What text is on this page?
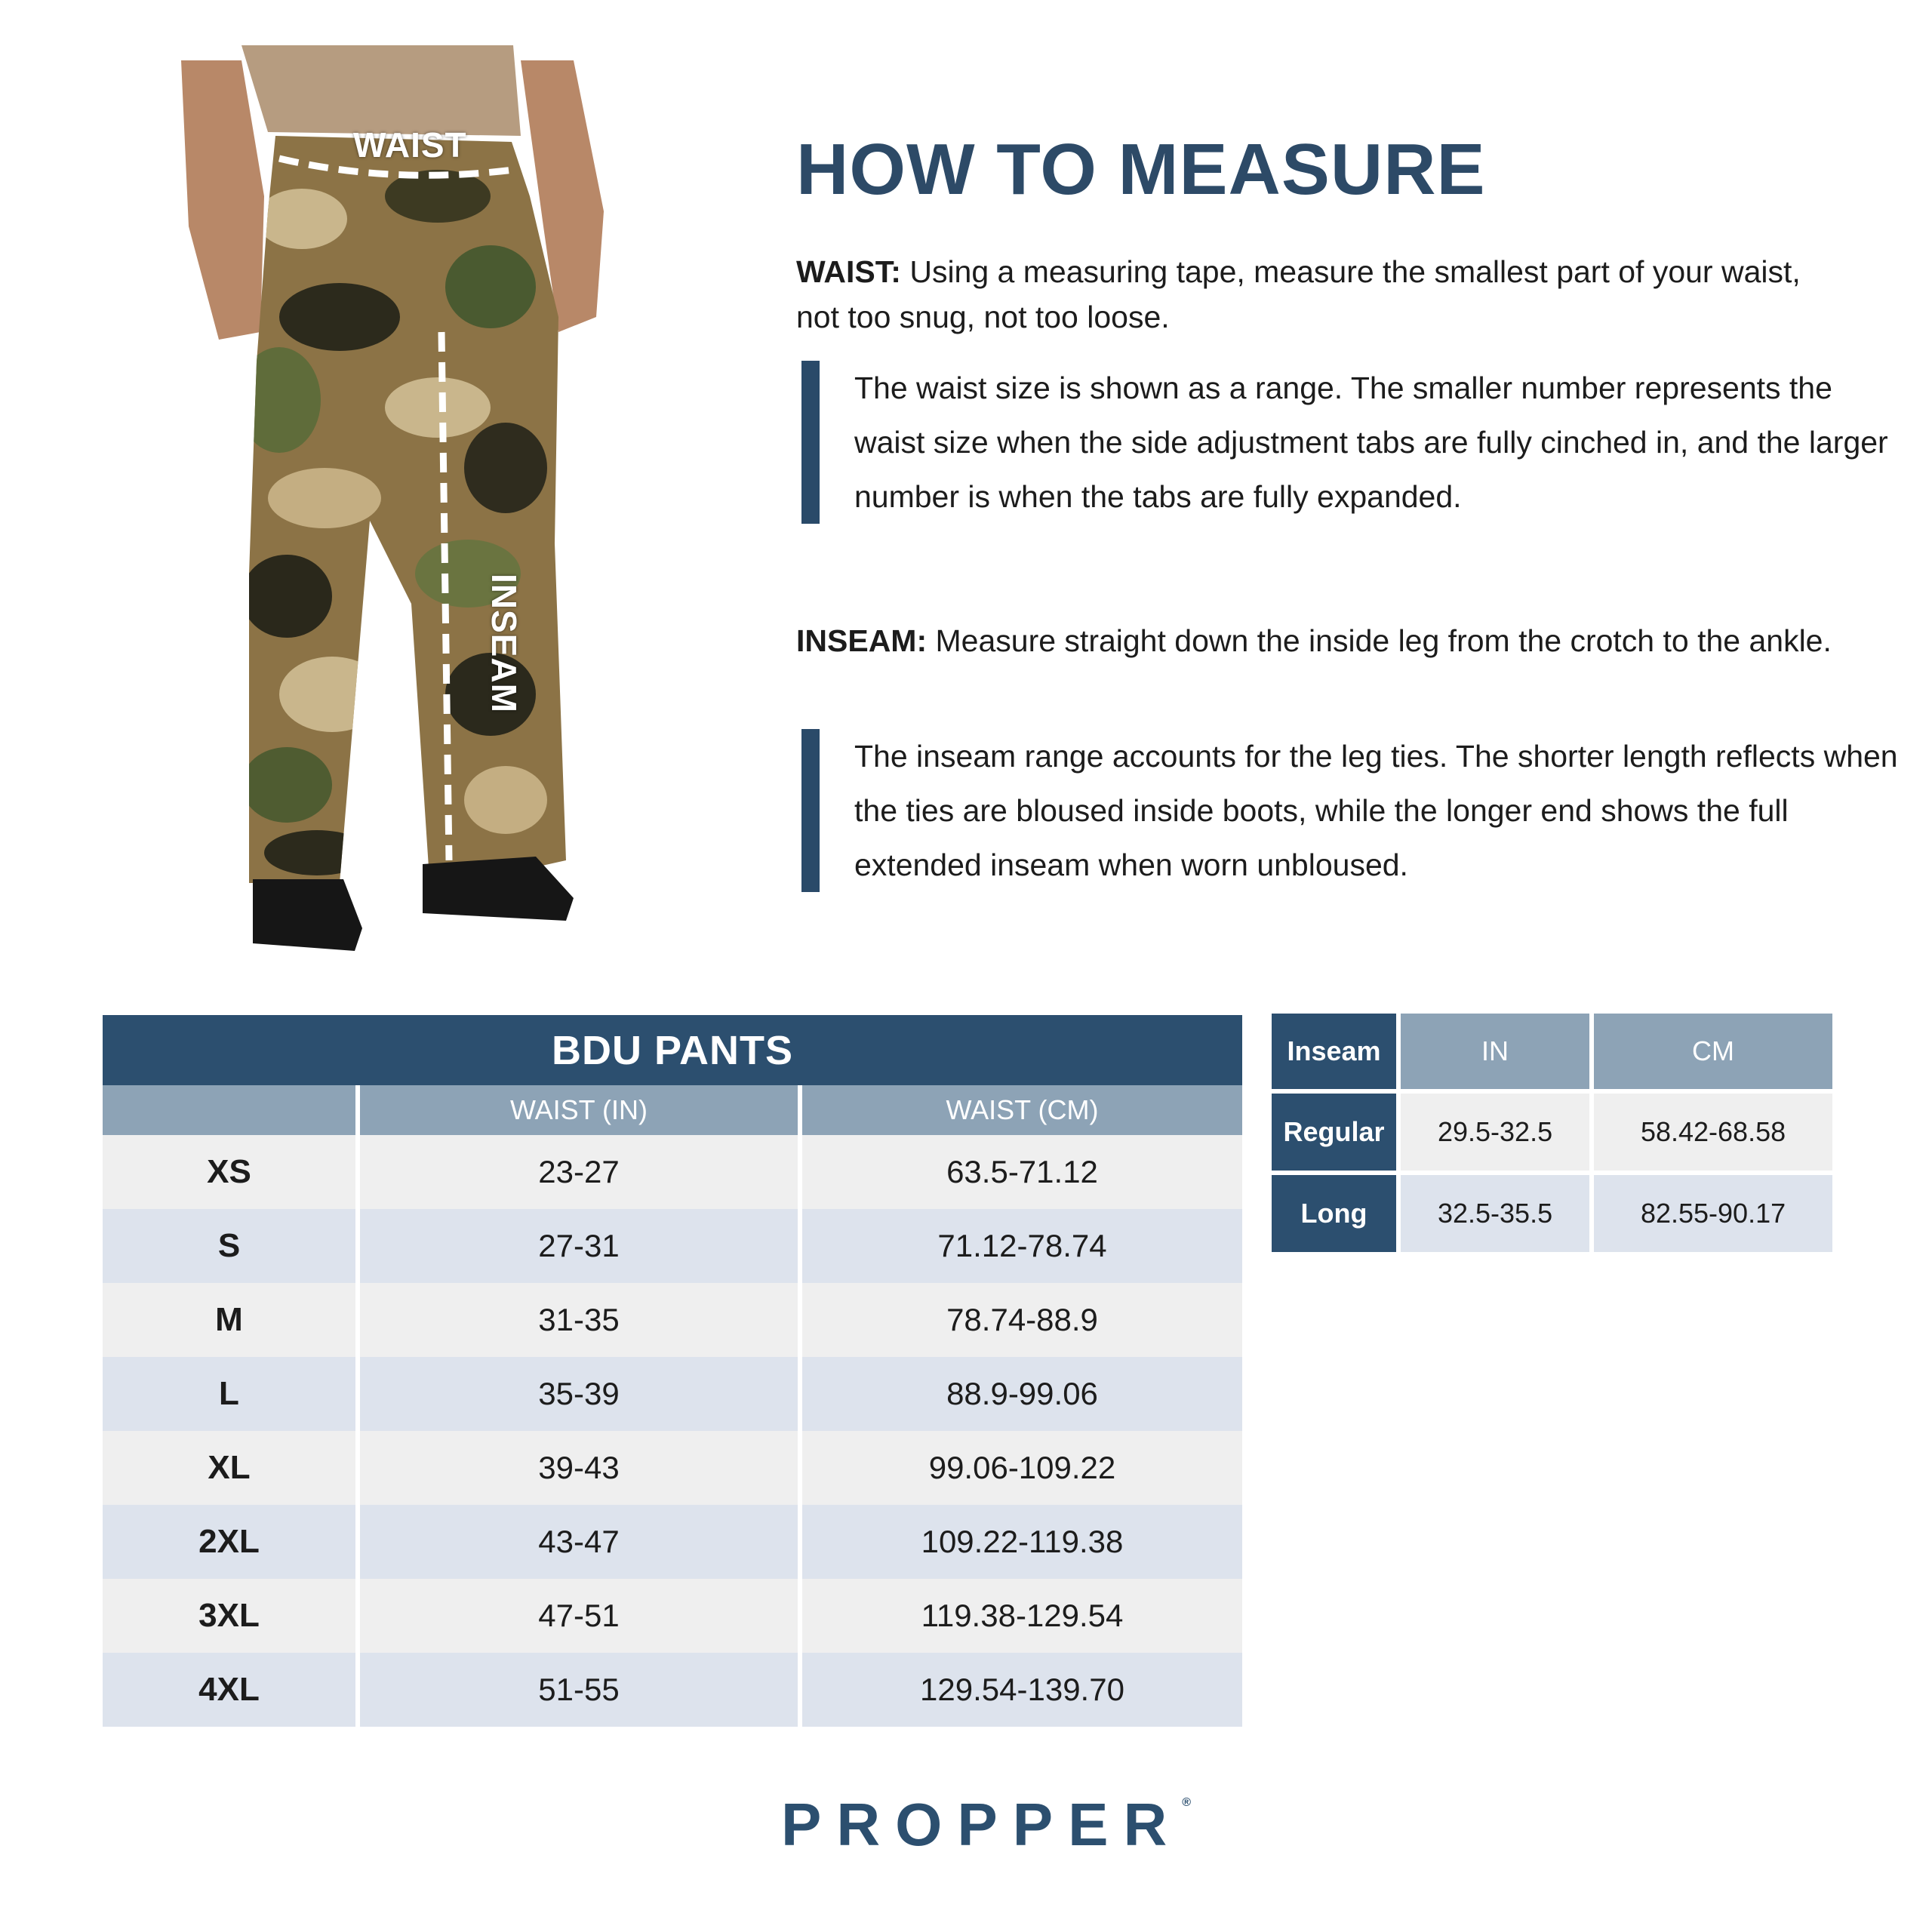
WAIST
INSEAM
HOW TO MEASURE

WAIST: Using a measuring tape, measure the smallest part of your waist, not too snug, not too loose.

The waist size is shown as a range. The smaller number represents the waist size when the side adjustment tabs are fully cinched in, and the larger number is when the tabs are fully expanded.

INSEAM: Measure straight down the inside leg from the crotch to the ankle.

The inseam range accounts for the leg ties. The shorter length reflects when the ties are bloused inside boots, while the longer end shows the full extended inseam when worn unbloused.
BDU PANTS		
	WAIST (IN)	WAIST (CM)
XS	23-27	63.5-71.12
S	27-31	71.12-78.74
M	31-35	78.74-88.9
L	35-39	88.9-99.06
XL	39-43	99.06-109.22
2XL	43-47	109.22-119.38
3XL	47-51	119.38-129.54
4XL	51-55	129.54-139.70
Inseam	IN	CM
Regular	29.5-32.5	58.42-68.58
Long	32.5-35.5	82.55-90.17
PROPPER®
